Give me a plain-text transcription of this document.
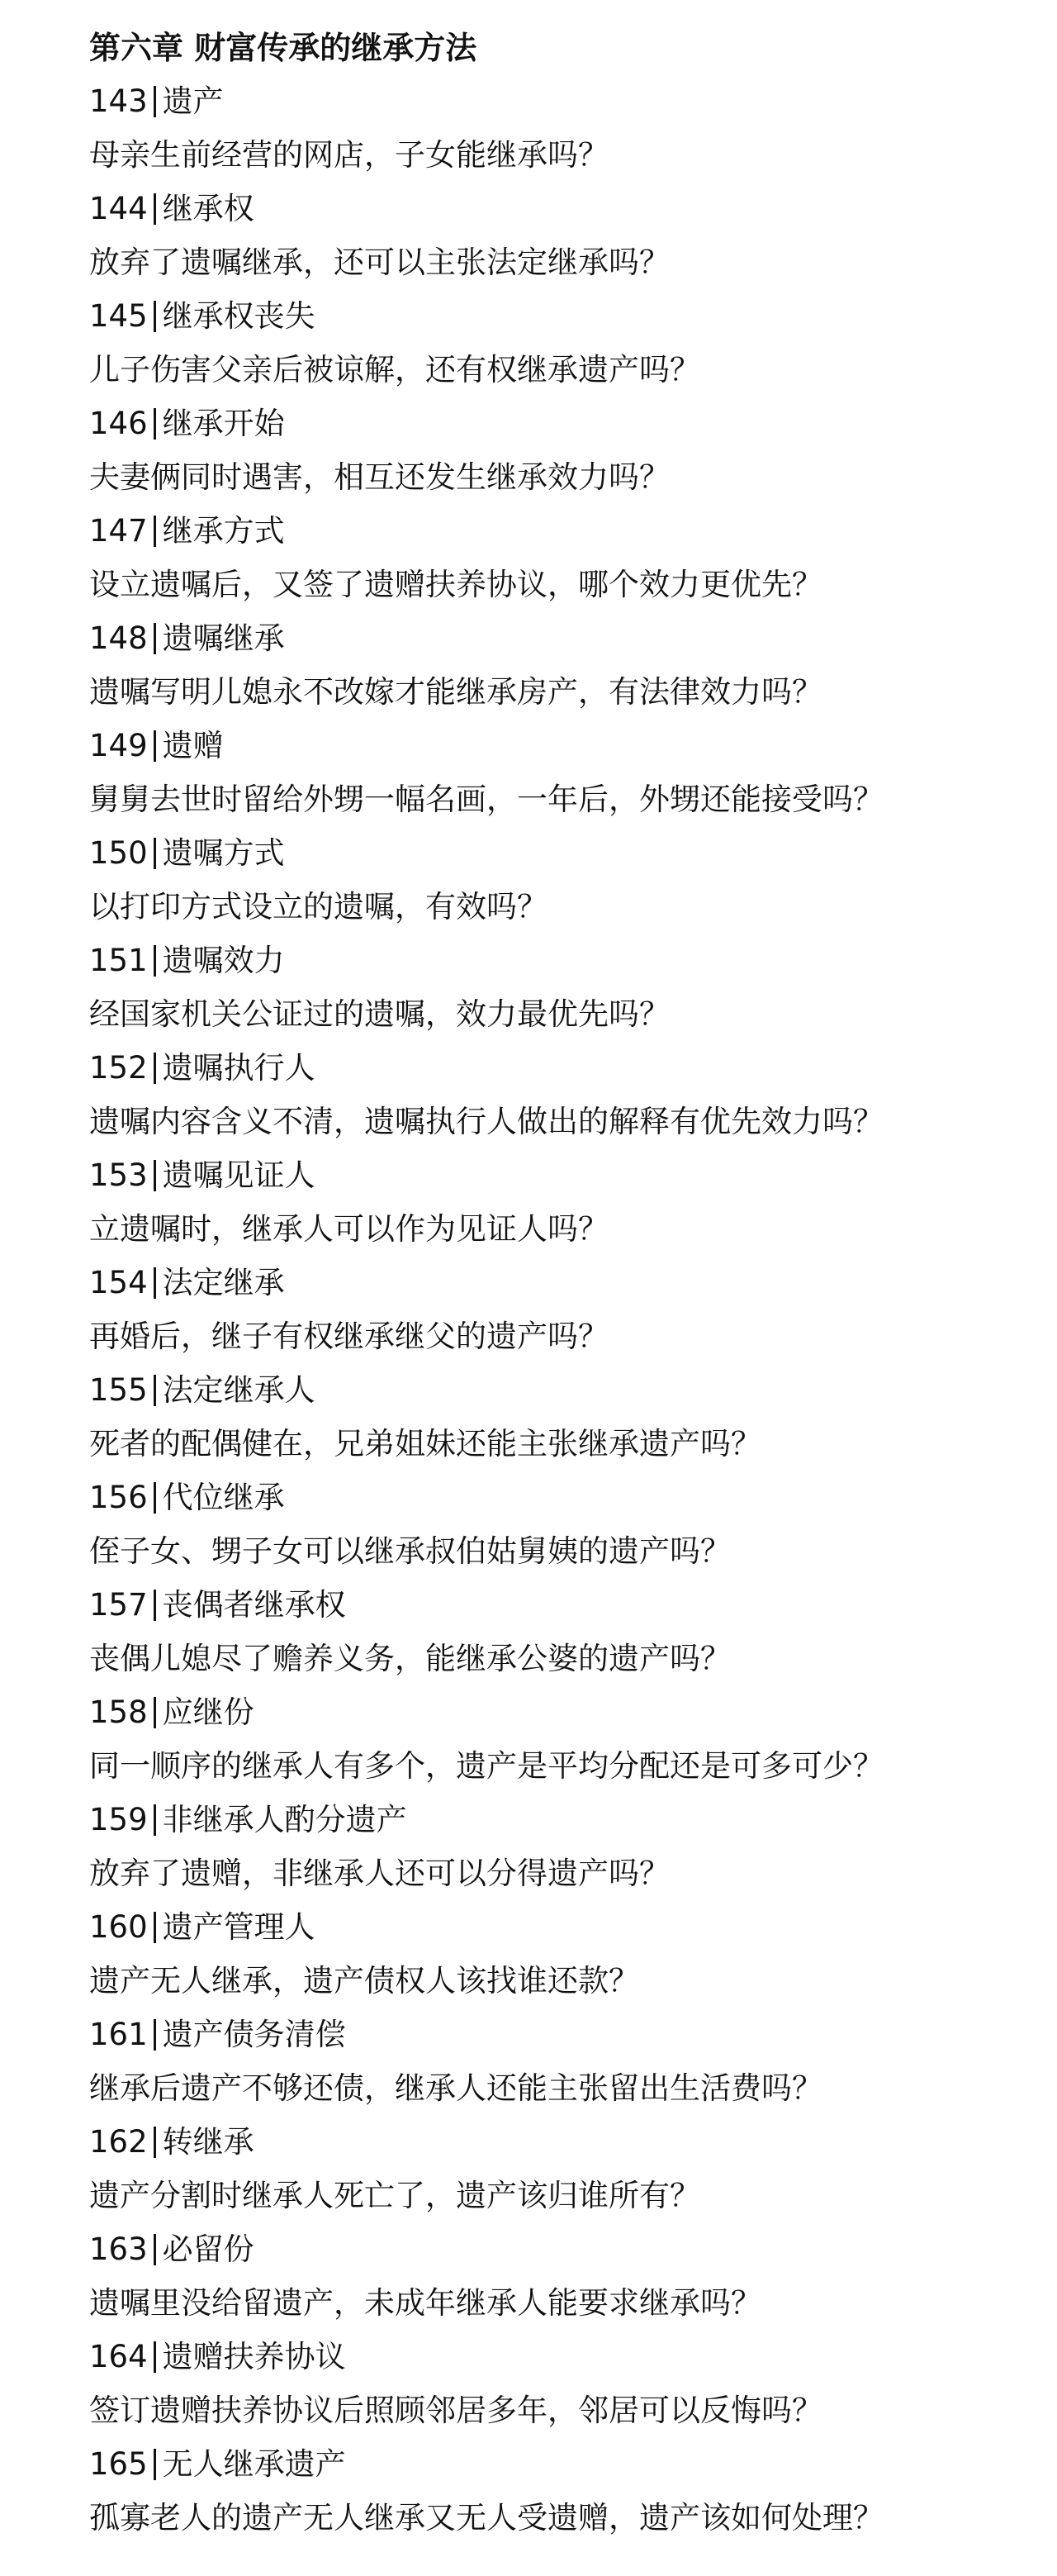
第六章 财富传承的继承方法
143 遗产
母亲生前经营的网店，子女能继承吗？
144 继承权
放弃了遗嘱继承，还可以主张法定继承吗？
145 继承权丧失
儿子伤害父亲后被谅解，还有权继承遗产吗？
146 继承开始
夫妻俩同时遇害，相互还发生继承效力吗？
147 继承方式
设立遗嘱后，又签了遗赠扶养协议，哪个效力更优先？
148 遗嘱继承
遗嘱写明儿媳永不改嫁才能继承房产，有法律效力吗？
149 遗赠
舅舅去世时留给外甥一幅名画，一年后，外甥还能接受吗？
150 遗嘱方式
以打印方式设立的遗嘱，有效吗？
151 遗嘱效力
经国家机关公证过的遗嘱，效力最优先吗？
152 遗嘱执行人
遗嘱内容含义不清，遗嘱执行人做出的解释有优先效力吗？
153 遗嘱见证人
立遗嘱时，继承人可以作为见证人吗？
154 法定继承
再婚后，继子有权继承继父的遗产吗？
155 法定继承人
死者的配偶健在，兄弟姐妹还能主张继承遗产吗？
156 代位继承
侄子女、甥子女可以继承叔伯姑舅姨的遗产吗？
157 丧偶者继承权
丧偶儿媳尽了赡养义务，能继承公婆的遗产吗？
158 应继份
同一顺序的继承人有多个，遗产是平均分配还是可多可少？
159 非继承人酌分遗产
放弃了遗赠，非继承人还可以分得遗产吗？
160 遗产管理人
遗产无人继承，遗产债权人该找谁还款？
161 遗产债务清偿
继承后遗产不够还债，继承人还能主张留出生活费吗？
162 转继承
遗产分割时继承人死亡了，遗产该归谁所有？
163 必留份
遗嘱里没给留遗产，未成年继承人能要求继承吗？
164 遗赠扶养协议
签订遗赠扶养协议后照顾邻居多年，邻居可以反悔吗？
165 无人继承遗产
孤寡老人的遗产无人继承又无人受遗赠，遗产该如何处理？
